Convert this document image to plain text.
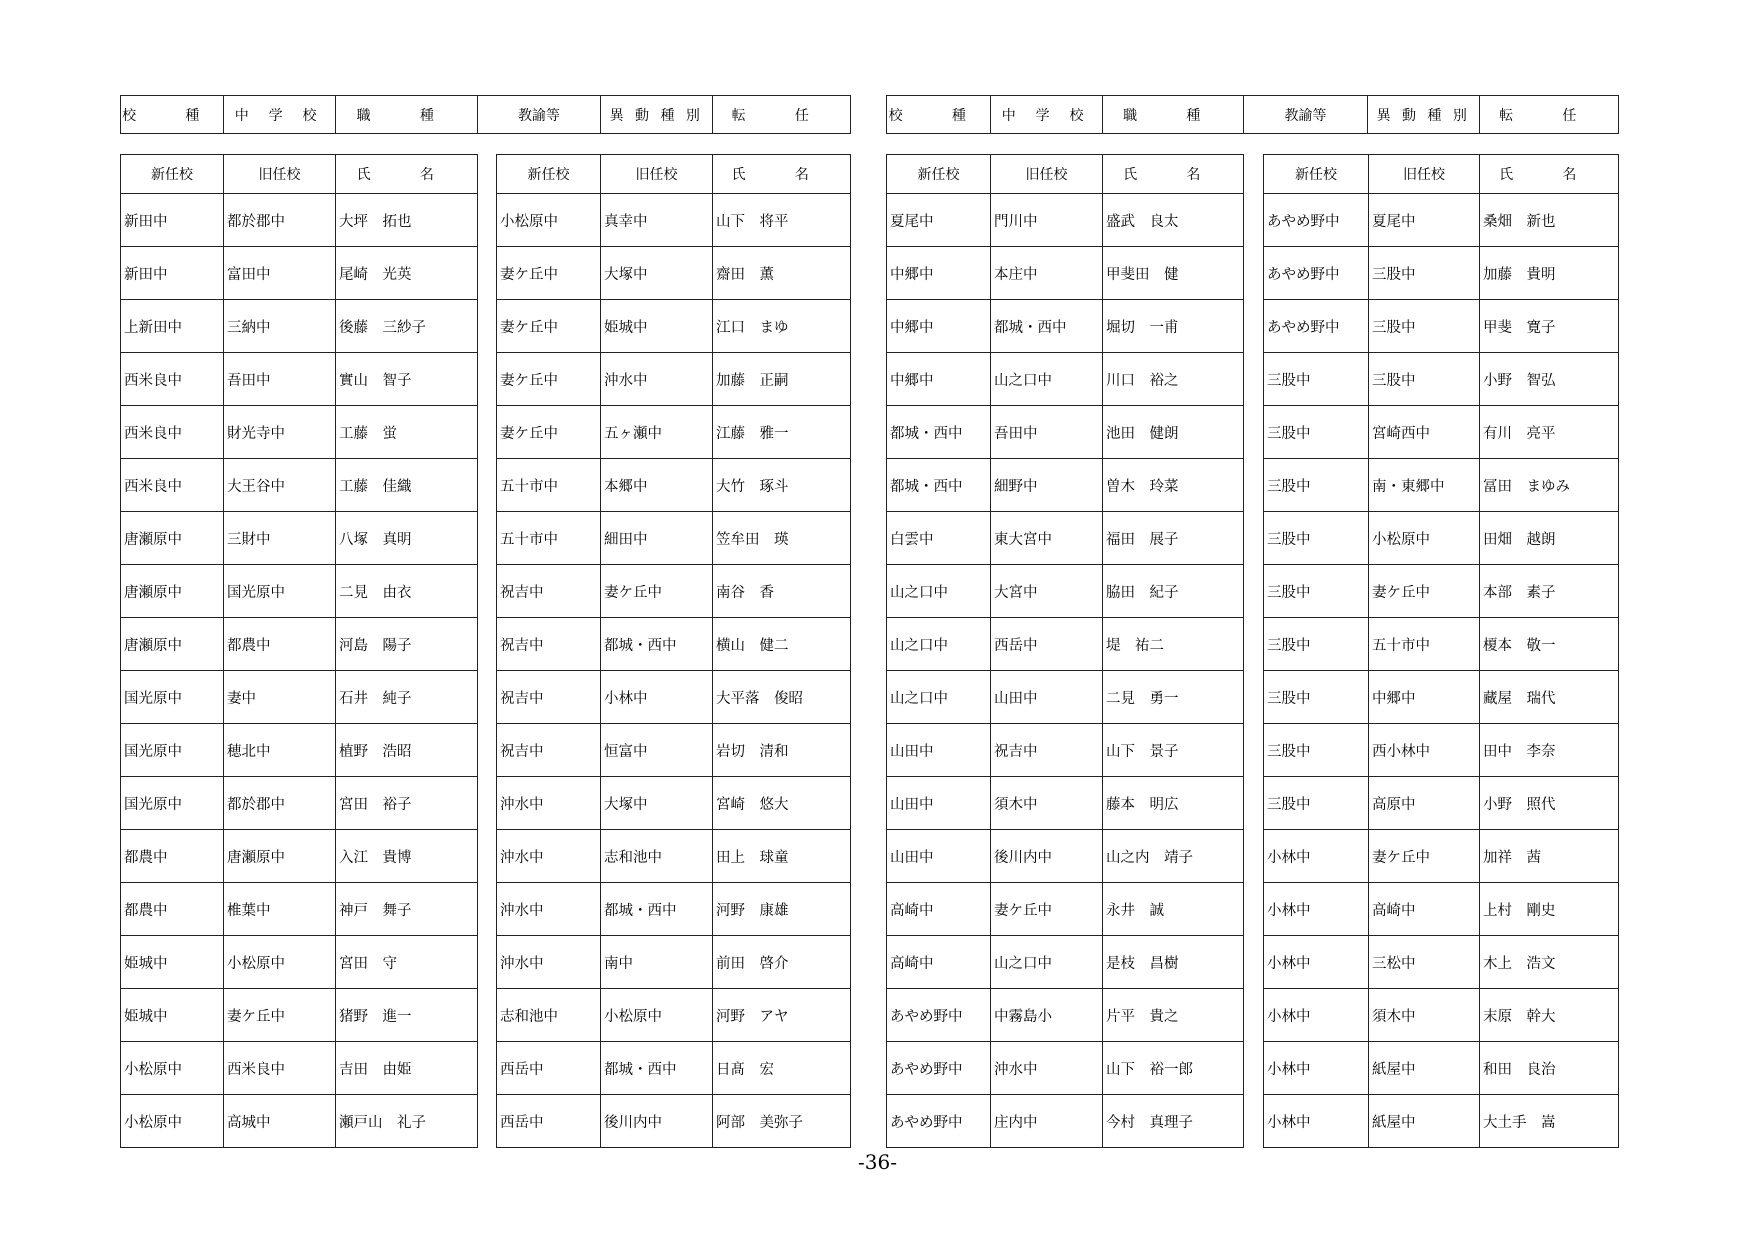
校 種	中 学 校	職 種	教諭等	異 動 種 別	転 任	校 種	中 学 校	職 種	教諭等	異 動 種 別	転 任
新任校	旧任校	氏 名
新田中	都於郡中	大坪　拓也
新田中	富田中	尾崎　光英
上新田中	三納中	後藤　三紗子
西米良中	吾田中	實山　智子
西米良中	財光寺中	工藤　蛍
西米良中	大王谷中	工藤　佳織
唐瀬原中	三財中	八塚　真明
唐瀬原中	国光原中	二見　由衣
唐瀬原中	都農中	河島　陽子
国光原中	妻中	石井　純子
国光原中	穂北中	植野　浩昭
国光原中	都於郡中	宮田　裕子
都農中	唐瀬原中	入江　貴博
都農中	椎葉中	神戸　舞子
姫城中	小松原中	宮田　守
姫城中	妻ケ丘中	猪野　進一
小松原中	西米良中	吉田　由姫
小松原中	高城中	瀬戸山　礼子
新任校	旧任校	氏 名
小松原中	真幸中	山下　将平
妻ケ丘中	大塚中	齋田　薫
妻ケ丘中	姫城中	江口　まゆ
妻ケ丘中	沖水中	加藤　正嗣
妻ケ丘中	五ヶ瀬中	江藤　雅一
五十市中	本郷中	大竹　琢斗
五十市中	細田中	笠牟田　瑛
祝吉中	妻ケ丘中	南谷　香
祝吉中	都城・西中	横山　健二
祝吉中	小林中	大平落　俊昭
祝吉中	恒富中	岩切　清和
沖水中	大塚中	宮崎　悠大
沖水中	志和池中	田上　球童
沖水中	都城・西中	河野　康雄
沖水中	南中	前田　啓介
志和池中	小松原中	河野　アヤ
西岳中	都城・西中	日髙　宏
西岳中	後川内中	阿部　美弥子
新任校	旧任校	氏 名
夏尾中	門川中	盛武　良太
中郷中	本庄中	甲斐田　健
中郷中	都城・西中	堀切　一甫
中郷中	山之口中	川口　裕之
都城・西中	吾田中	池田　健朗
都城・西中	細野中	曽木　玲菜
白雲中	東大宮中	福田　展子
山之口中	大宮中	脇田　紀子
山之口中	西岳中	堤　祐二
山之口中	山田中	二見　勇一
山田中	祝吉中	山下　景子
山田中	須木中	藤本　明広
山田中	後川内中	山之内　靖子
高崎中	妻ケ丘中	永井　誠
高崎中	山之口中	是枝　昌樹
あやめ野中	中霧島小	片平　貴之
あやめ野中	沖水中	山下　裕一郎
あやめ野中	庄内中	今村　真理子
新任校	旧任校	氏 名
あやめ野中	夏尾中	桑畑　新也
あやめ野中	三股中	加藤　貴明
あやめ野中	三股中	甲斐　寛子
三股中	三股中	小野　智弘
三股中	宮崎西中	有川　亮平
三股中	南・東郷中	冨田　まゆみ
三股中	小松原中	田畑　越朗
三股中	妻ケ丘中	本部　素子
三股中	五十市中	榎本　敬一
三股中	中郷中	藏屋　瑞代
三股中	西小林中	田中　李奈
三股中	高原中	小野　照代
小林中	妻ケ丘中	加祥　茜
小林中	高崎中	上村　剛史
小林中	三松中	木上　浩文
小林中	須木中	末原　幹大
小林中	紙屋中	和田　良治
小林中	紙屋中	大土手　嵩
-36-
